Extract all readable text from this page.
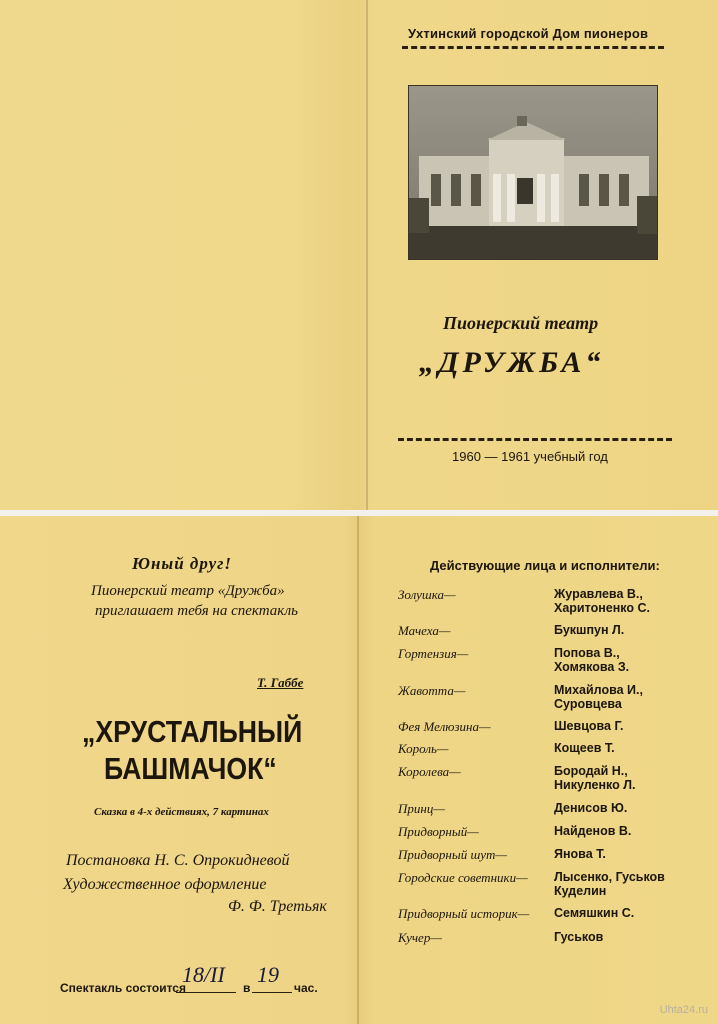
Ухтинский городской Дом пионеров
Пионерский театр
„ДРУЖБА“
1960 — 1961 учебный год
Юный друг!
Пионерский театр «Дружба»
приглашает тебя на спектакль
Т. Габбе
„ХРУСТАЛЬНЫЙ
БАШМАЧОК“
Сказка в 4-х действиях, 7 картинах
Постановка Н. С. Опрокидневой
Художественное оформление
Ф. Ф. Третьяк
Спектакль состоится
18/II
в
19
час.
Действующие лица и исполнители:
Золушка—	Журавлева В.,
Харитоненко С.
Мачеха—	Букшпун Л.
Гортензия—	Попова В.,
Хомякова З.
Жавотта—	Михайлова И.,
Суровцева
Фея Мелюзина—	Шевцова Г.
Король—	Кощеев Т.
Королева—	Бородай Н.,
Никуленко Л.
Принц—	Денисов Ю.
Придворный—	Найденов В.
Придворный шут—	Янова Т.
Городские советники— Лысенко, Гуськов
Куделин
Придворный историк— Семяшкин С.
Кучер—	Гуськов
Uhta24.ru
